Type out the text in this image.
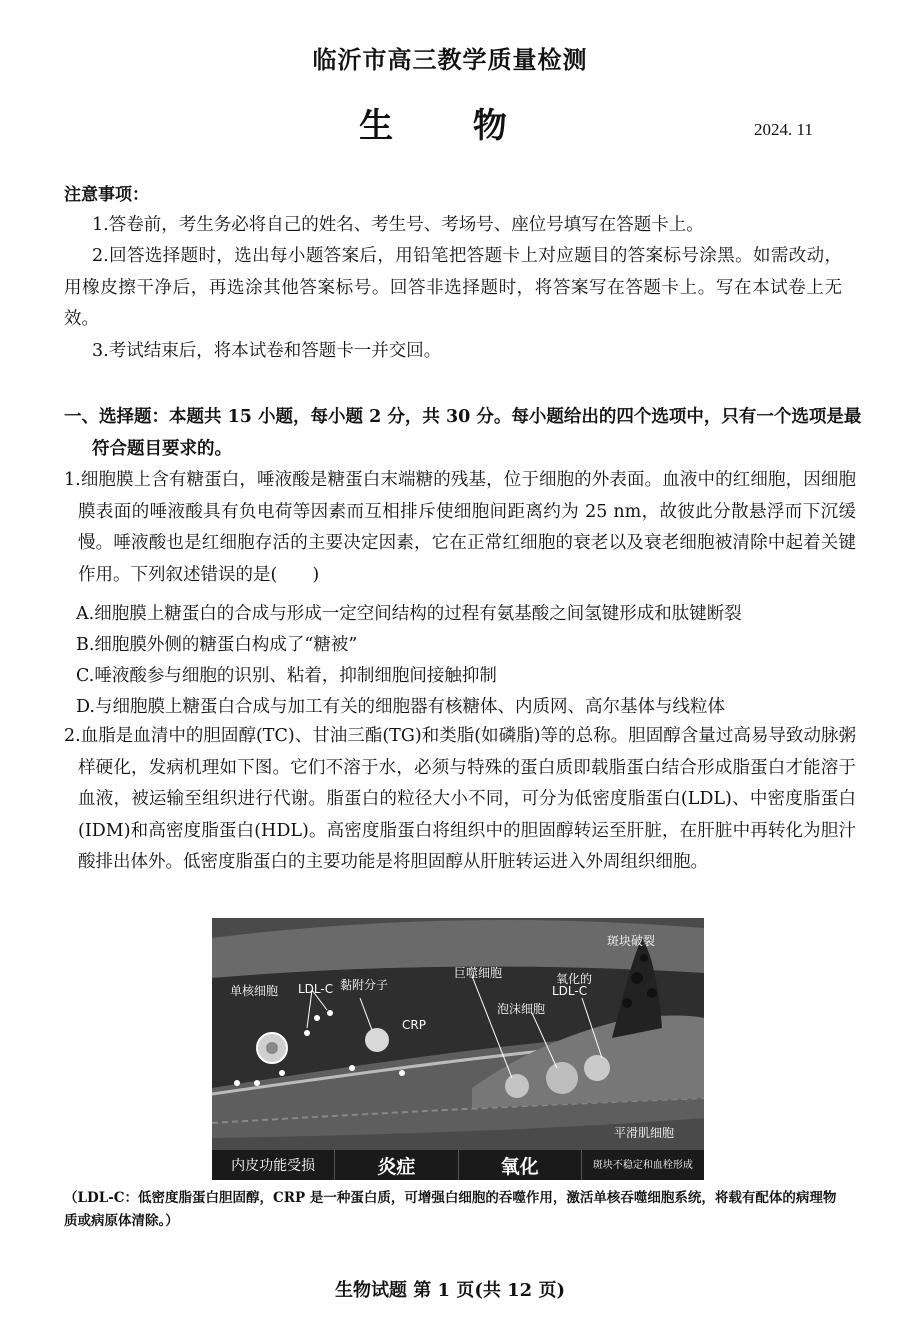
临沂市高三教学质量检测
生 物	2024. 11
注意事项：
1.答卷前，考生务必将自己的姓名、考生号、考场号、座位号填写在答题卡上。
2.回答选择题时，选出每小题答案后，用铅笔把答题卡上对应题目的答案标号涂黑。如需改动，用橡皮擦干净后，再选涂其他答案标号。回答非选择题时，将答案写在答题卡上。写在本试卷上无效。
3.考试结束后，将本试卷和答题卡一并交回。
一、选择题：本题共 15 小题，每小题 2 分，共 30 分。每小题给出的四个选项中，只有一个选项是最符合题目要求的。
1.细胞膜上含有糖蛋白，唾液酸是糖蛋白末端糖的残基，位于细胞的外表面。血液中的红细胞，因细胞膜表面的唾液酸具有负电荷等因素而互相排斥使细胞间距离约为 25 nm，故彼此分散悬浮而下沉缓慢。唾液酸也是红细胞存活的主要决定因素，它在正常红细胞的衰老以及衰老细胞被清除中起着关键作用。下列叙述错误的是(　　)
A.细胞膜上糖蛋白的合成与形成一定空间结构的过程有氨基酸之间氢键形成和肽键断裂
B.细胞膜外侧的糖蛋白构成了“糖被”
C.唾液酸参与细胞的识别、粘着，抑制细胞间接触抑制
D.与细胞膜上糖蛋白合成与加工有关的细胞器有核糖体、内质网、高尔基体与线粒体
2.血脂是血清中的胆固醇(TC)、甘油三酯(TG)和类脂(如磷脂)等的总称。胆固醇含量过高易导致动脉粥样硬化，发病机理如下图。它们不溶于水，必须与特殊的蛋白质即载脂蛋白结合形成脂蛋白才能溶于血液，被运输至组织进行代谢。脂蛋白的粒径大小不同，可分为低密度脂蛋白(LDL)、中密度脂蛋白(IDM)和高密度脂蛋白(HDL)。高密度脂蛋白将组织中的胆固醇转运至肝脏，在肝脏中再转化为胆汁酸排出体外。低密度脂蛋白的主要功能是将胆固醇从肝脏转运进入外周组织细胞。
斑块破裂
单核细胞 LDL-C 黏附分子
巨噬细胞
CRP
氧化的
LDL-C
泡沫细胞
平滑肌细胞
内皮功能受损	炎症	氧化	斑块不稳定 和血栓形成
（LDL-C：低密度脂蛋白胆固醇，CRP 是一种蛋白质，可增强白细胞的吞噬作用，激活单核吞噬细胞系统，将载有配体的病理物质或病原体清除。）
生物试题 第 1 页(共 12 页)
